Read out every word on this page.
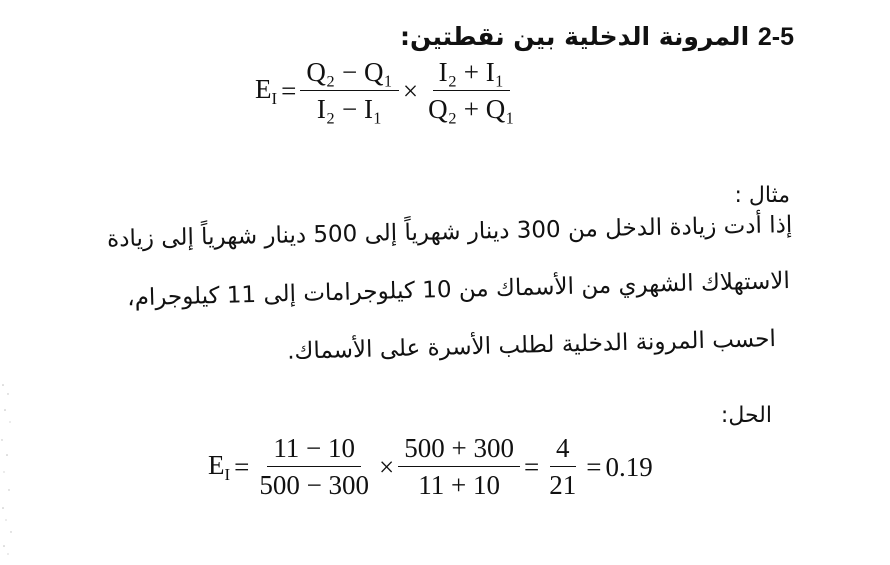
2-5 المرونة الدخلية بين نقطتين:
$E_I = \frac{\text{Q₂ − Q₁}}{\text{I₂ − I₁}} \times \frac{\text{I₂ + I₁}}{\text{Q₂ + Q₁}}$
مثال :
إذا أدت زيادة الدخل من 300 دينار شهرياً إلى 500 دينار شهرياً إلى زيادة
الاستهلاك الشهري من الأسماك من 10 كيلوجرامات إلى 11 كيلوجرام،
احسب المرونة الدخلية لطلب الأسرة على الأسماك.
الحل:
$E_I = \frac{11 - 10}{500 - 300} \times \frac{500 + 300}{11 + 10} = \frac{4}{21} = 0.19$
